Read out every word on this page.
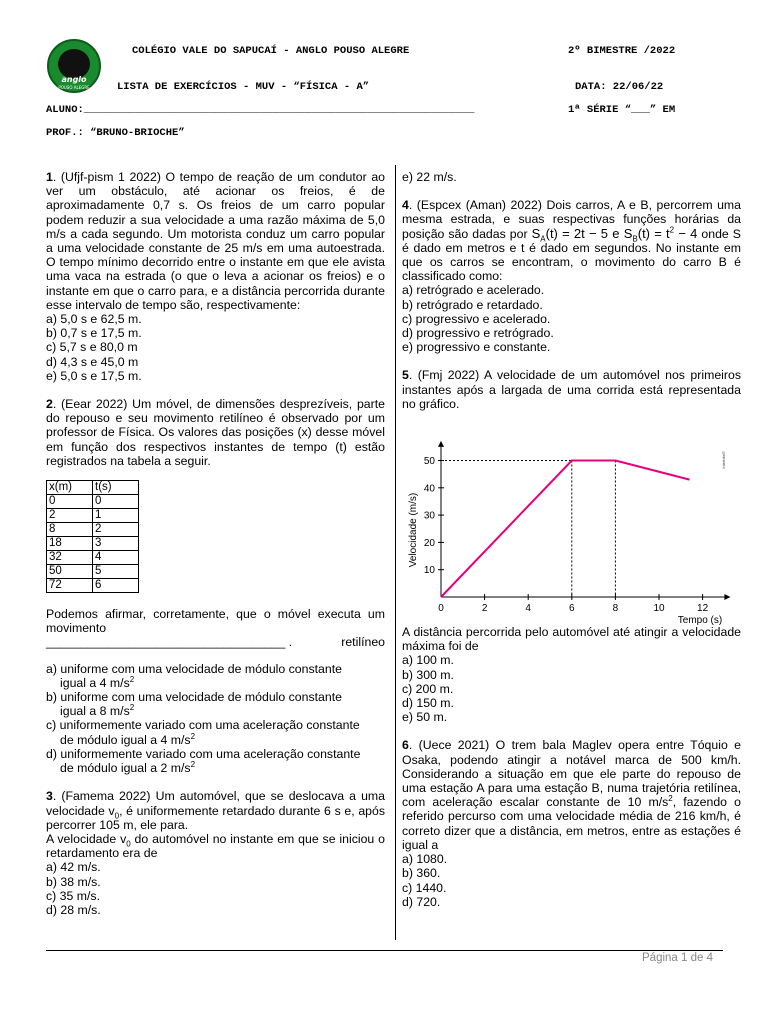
anglo
POUSO ALEGRE
COLÉGIO VALE DO SAPUCAÍ - ANGLO POUSO ALEGRE	2º BIMESTRE /2022
LISTA DE EXERCÍCIOS - MUV - “FÍSICA - A”	DATA: 22/06/22
ALUNO:______________________________________________________________	1ª SÉRIE “___” EM
PROF.: “BRUNO-BRIOCHE”

1. (Ufjf-pism 1 2022) O tempo de reação de um condutor ao ver um obstáculo, até acionar os freios, é de aproximadamente 0,7 s. Os freios de um carro popular podem reduzir a sua velocidade a uma razão máxima de 5,0 m/s a cada segundo. Um motorista conduz um carro popular a uma velocidade constante de 25 m/s em uma autoestrada. O tempo mínimo decorrido entre o instante em que ele avista uma vaca na estrada (o que o leva a acionar os freios) e o instante em que o carro para, e a distância percorrida durante esse intervalo de tempo são, respectivamente:

a) 5,0 s e 62,5 m.

b) 0,7 s e 17,5 m.

c) 5,7 s e 80,0 m

d) 4,3 s e 45,0 m

e) 5,0 s e 17,5 m.

2. (Eear 2022) Um móvel, de dimensões desprezíveis, parte do repouso e seu movimento retilíneo é observado por um professor de Física. Os valores das posições (x) desse móvel em função dos respectivos instantes de tempo (t) estão registrados na tabela a seguir.

x(m)	t(s)
0	0
2	1
8	2
18	3
32	4
50	5
72	6

Podemos afirmar, corretamente, que o móvel executa um movimento

___________________________________ .	retilíneo

a) uniforme com uma velocidade de módulo constante
igual a 4 $m/s^2$

b) uniforme com uma velocidade de módulo constante
igual a 8 $m/s^2$

c) uniformemente variado com uma aceleração constante
de módulo igual a 4 $m/s^2$

d) uniformemente variado com uma aceleração constante
de módulo igual a 2 $m/s^2$

3. (Famema 2022) Um automóvel, que se deslocava a uma velocidade $v_0$, é uniformemente retardado durante 6 s e, após percorrer 105 m, ele para.

A velocidade $v_0$ do automóvel no instante em que se iniciou o retardamento era de

a) 42 m/s.

b) 38 m/s.

c) 35 m/s.

d) 28 m/s.

e) 22 m/s.

4. (Espcex (Aman) 2022) Dois carros, A e B, percorrem uma mesma estrada, e suas respectivas funções horárias da posição são dadas por $S_A(t) = 2t - 5$ e $S_B(t) = t^2 - 4$ onde S é dado em metros e t é dado em segundos. No instante em que os carros se encontram, o movimento do carro B é classificado como:

a) retrógrado e acelerado.

b) retrógrado e retardado.

c) progressivo e acelerado.

d) progressivo e retrógrado.

e) progressivo e constante.

5. (Fmj 2022) A velocidade de um automóvel nos primeiros instantes após a largada de uma corrida está representada no gráfico.

A distância percorrida pelo automóvel até atingir a velocidade máxima foi de

a) 100 m.

b) 300 m.

c) 200 m.

d) 150 m.

e) 50 m.

6. (Uece 2021) O trem bala Maglev opera entre Tóquio e Osaka, podendo atingir a notável marca de 500 km/h. Considerando a situação em que ele parte do repouso de uma estação A para uma estação B, numa trajetória retilínea, com aceleração escalar constante de 10 $m/s^2$, fazendo o referido percurso com uma velocidade média de 216 km/h, é correto dizer que a distância, em metros, entre as estações é igual a

a) 1080.

b) 360.

c) 1440.

d) 720.

0	2	4	6	8	10	12
10
20
30
40
50
Velocidade (m/s)
Tempo (s)
Interbits®
Página 1 de 4
